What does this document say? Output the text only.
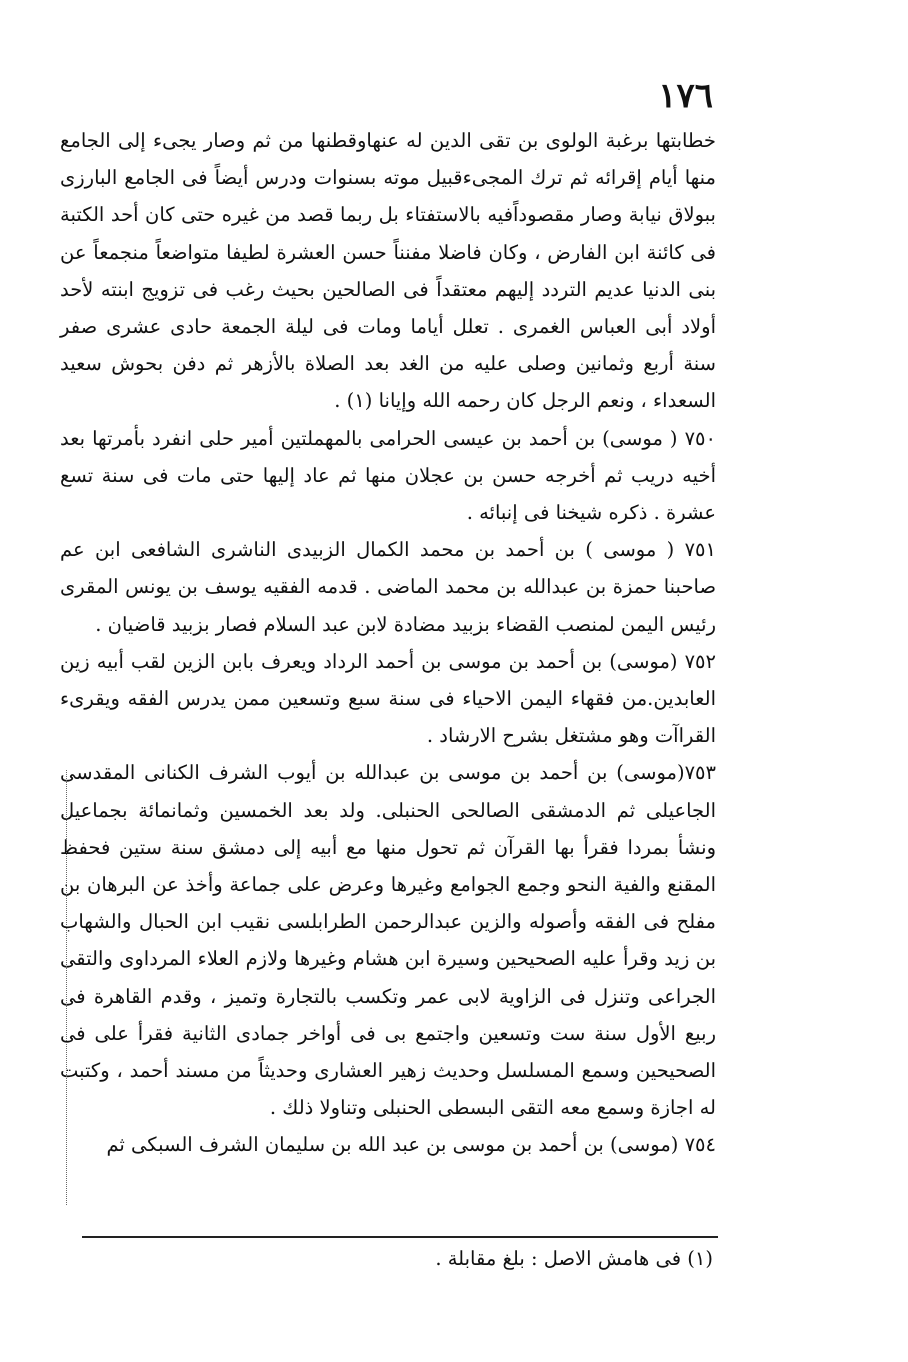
١٧٦

خطابتها برغبة الولوى بن تقى الدين له عنهاوقطنها من ثم وصار يجىء إلى الجامع منها أيام إقرائه ثم ترك المجىءقبيل موته بسنوات ودرس أيضاً فى الجامع البارزى ببولاق نيابة وصار مقصوداًفيه بالاستفتاء بل ربما قصد من غيره حتى كان أحد الكتبة فى كائنة ابن الفارض ، وكان فاضلا مفنناً حسن العشرة لطيفا متواضعاً منجمعاً عن بنى الدنيا عديم التردد إليهم معتقداً فى الصالحين بحيث رغب فى تزويج ابنته لأحد أولاد أبى العباس الغمرى . تعلل أياما ومات فى ليلة الجمعة حادى عشرى صفر سنة أربع وثمانين وصلى عليه من الغد بعد الصلاة بالأزهر ثم دفن بحوش سعيد السعداء ، ونعم الرجل كان رحمه الله وإيانا (١) .

٧٥٠ ( موسى) بن أحمد بن عيسى الحرامى بالمهملتين أمير حلى انفرد بأمرتها بعد أخيه دريب ثم أخرجه حسن بن عجلان منها ثم عاد إليها حتى مات فى سنة تسع عشرة . ذكره شيخنا فى إنبائه .

٧٥١ ( موسى ) بن أحمد بن محمد الكمال الزبيدى الناشرى الشافعى ابن عم صاحبنا حمزة بن عبدالله بن محمد الماضى . قدمه الفقيه يوسف بن يونس المقرى رئيس اليمن لمنصب القضاء بزبيد مضادة لابن عبد السلام فصار بزبيد قاضيان .

٧٥٢ (موسى) بن أحمد بن موسى بن أحمد الرداد ويعرف بابن الزين لقب أبيه زين العابدين.من فقهاء اليمن الاحياء فى سنة سبع وتسعين ممن يدرس الفقه ويقرىء القراآت وهو مشتغل بشرح الارشاد .

٧٥٣(موسى) بن أحمد بن موسى بن عبدالله بن أيوب الشرف الكنانى المقدسى الجاعيلى ثم الدمشقى الصالحى الحنبلى. ولد بعد الخمسين وثمانمائة بجماعيل ونشأ بمردا فقرأ بها القرآن ثم تحول منها مع أبيه إلى دمشق سنة ستين فحفظ المقنع والفية النحو وجمع الجوامع وغيرها وعرض على جماعة وأخذ عن البرهان بن مفلح فى الفقه وأصوله والزين عبدالرحمن الطرابلسى نقيب ابن الحبال والشهاب بن زيد وقرأ عليه الصحيحين وسيرة ابن هشام وغيرها ولازم العلاء المرداوى والتقى الجراعى وتنزل فى الزاوية لابى عمر وتكسب بالتجارة وتميز ، وقدم القاهرة فى ربيع الأول سنة ست وتسعين واجتمع بى فى أواخر جمادى الثانية فقرأ على فى الصحيحين وسمع المسلسل وحديث زهير العشارى وحديثاً من مسند أحمد ، وكتبت له اجازة وسمع معه التقى البسطى الحنبلى وتناولا ذلك .

٧٥٤ (موسى) بن أحمد بن موسى بن عبد الله بن سليمان الشرف السبكى ثم

(١) فى هامش الاصل : بلغ مقابلة .
